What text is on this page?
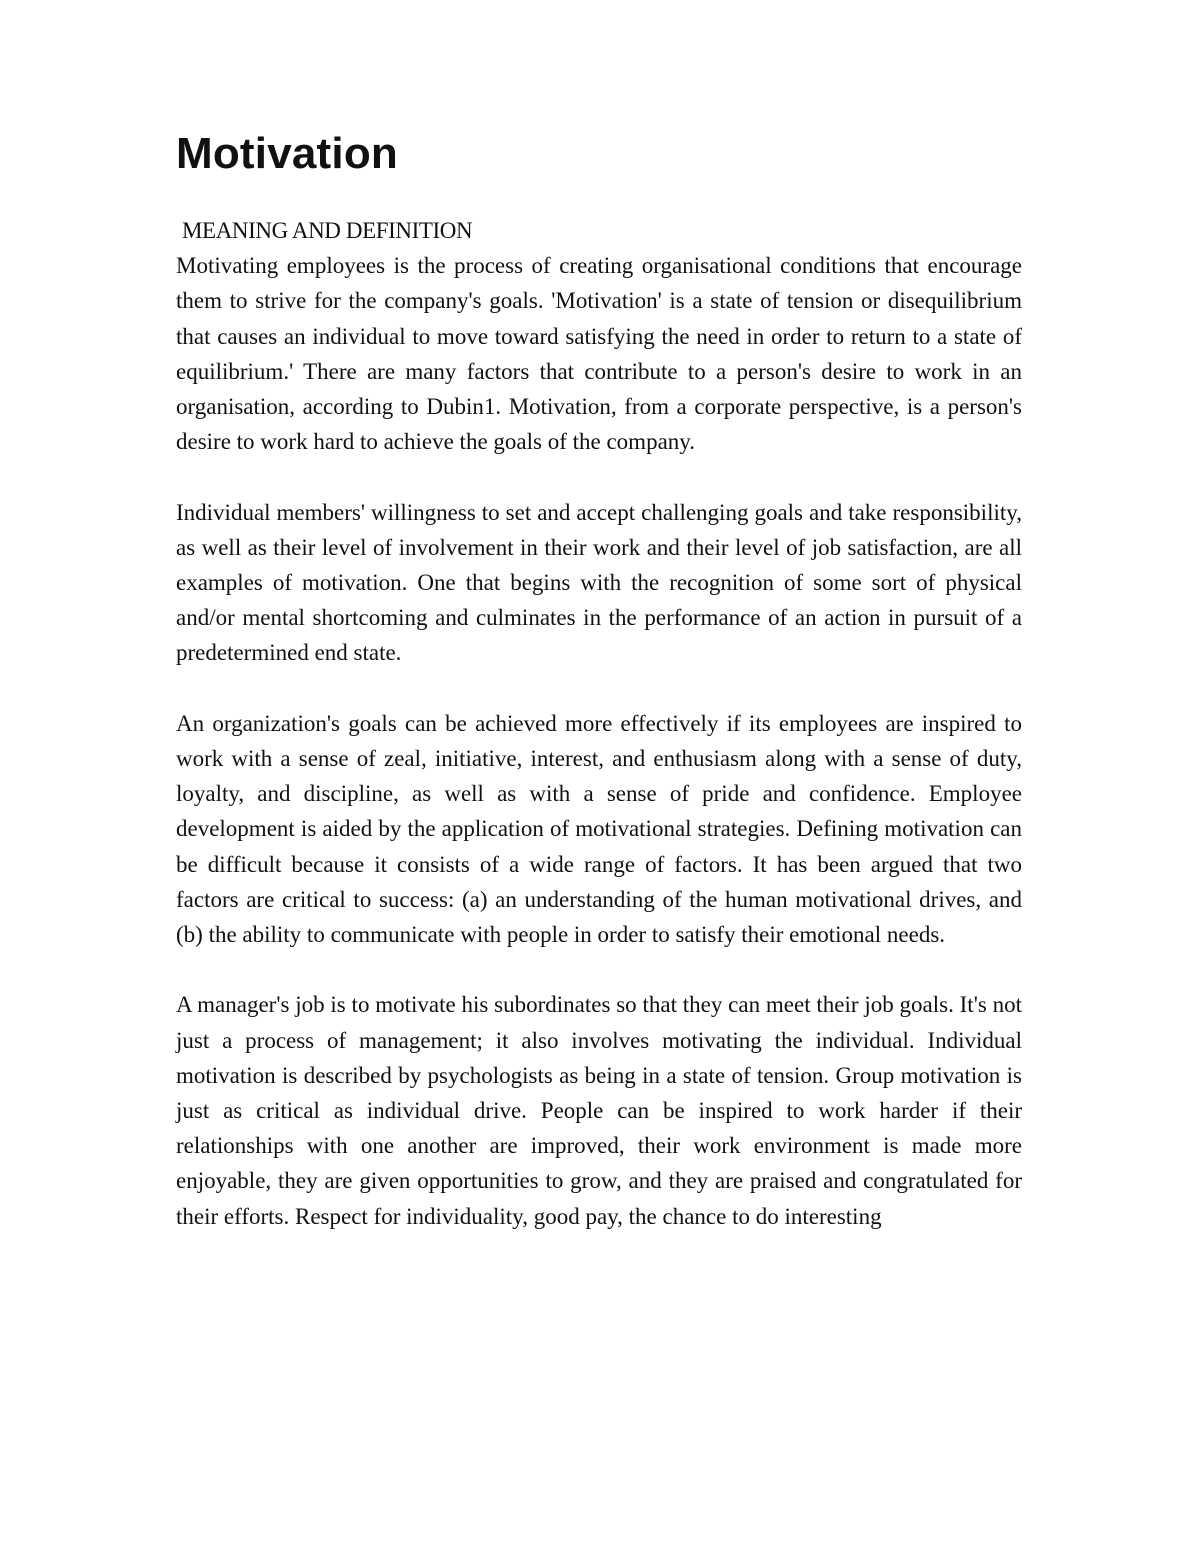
Motivation
MEANING AND DEFINITION

Motivating employees is the process of creating organisational conditions that encourage them to strive for the company's goals. 'Motivation' is a state of tension or disequilibrium that causes an individual to move toward satisfying the need in order to return to a state of equilibrium.' There are many factors that contribute to a person's desire to work in an organisation, according to Dubin1. Motivation, from a corporate perspective, is a person's desire to work hard to achieve the goals of the company.

Individual members' willingness to set and accept challenging goals and take responsibility, as well as their level of involvement in their work and their level of job satisfaction, are all examples of motivation. One that begins with the recognition of some sort of physical and/or mental shortcoming and culminates in the performance of an action in pursuit of a predetermined end state.

An organization's goals can be achieved more effectively if its employees are inspired to work with a sense of zeal, initiative, interest, and enthusiasm along with a sense of duty, loyalty, and discipline, as well as with a sense of pride and confidence. Employee development is aided by the application of motivational strategies. Defining motivation can be difficult because it consists of a wide range of factors. It has been argued that two factors are critical to success: (a) an understanding of the human motivational drives, and (b) the ability to communicate with people in order to satisfy their emotional needs.

A manager's job is to motivate his subordinates so that they can meet their job goals. It's not just a process of management; it also involves motivating the individual. Individual motivation is described by psychologists as being in a state of tension. Group motivation is just as critical as individual drive. People can be inspired to work harder if their relationships with one another are improved, their work environment is made more enjoyable, they are given opportunities to grow, and they are praised and congratulated for their efforts. Respect for individuality, good pay, the chance to do interesting
